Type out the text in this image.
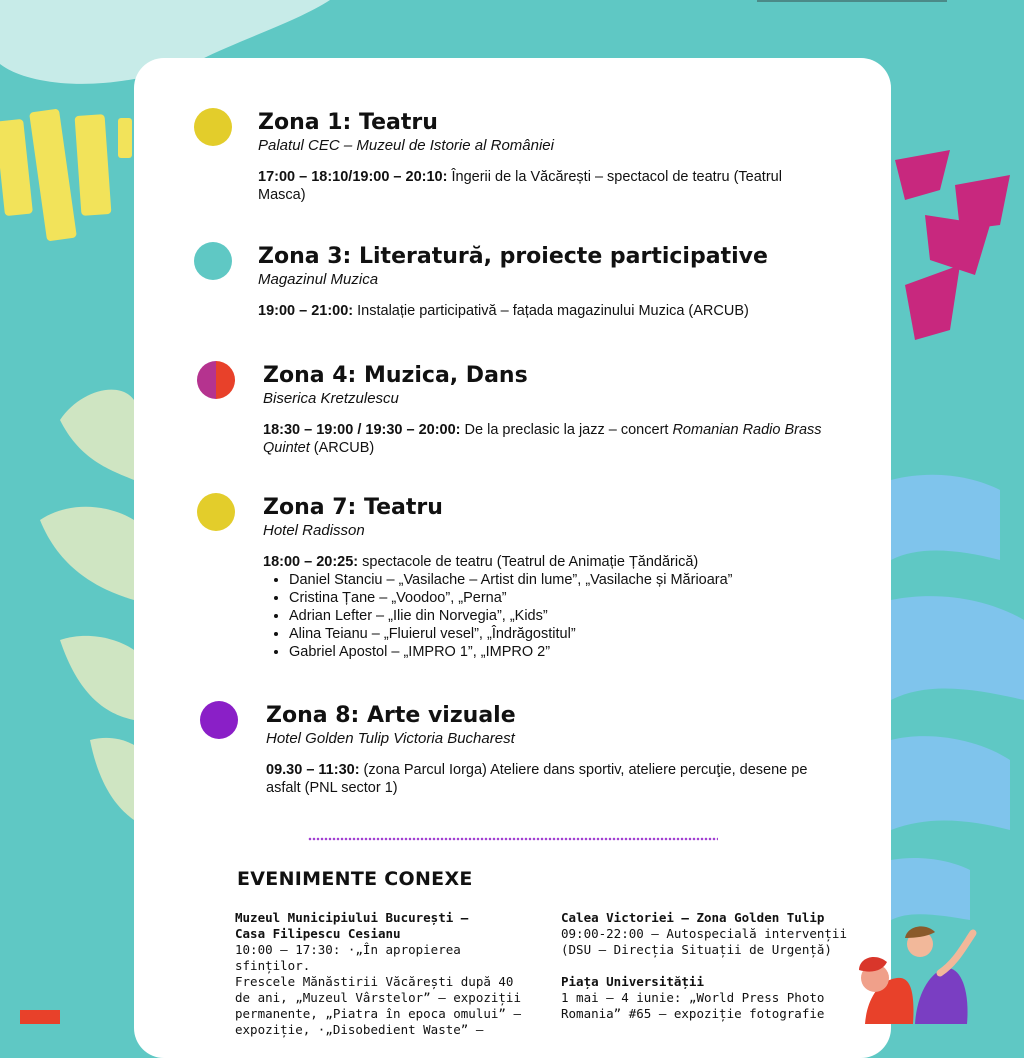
Zona 1: Teatru
Palatul CEC – Muzeul de Istorie al României
17:00 – 18:10/19:00 – 20:10: Îngerii de la Văcărești – spectacol de teatru (Teatrul Masca)
Zona 3: Literatură, proiecte participative
Magazinul Muzica
19:00 – 21:00: Instalație participativă – fațada magazinului Muzica (ARCUB)
Zona 4: Muzica, Dans
Biserica Kretzulescu
18:30 – 19:00 / 19:30 – 20:00: De la preclasic la jazz – concert Romanian Radio Brass Quintet (ARCUB)
Zona 7: Teatru
Hotel Radisson
18:00 – 20:25: spectacole de teatru (Teatrul de Animație Țăndărică)
• Daniel Stanciu – „Vasilache – Artist din lume”, „Vasilache și Mărioara”
• Cristina Țane – „Voodoo”, „Perna”
• Adrian Lefter – „Ilie din Norvegia”, „Kids”
• Alina Teianu – „Fluierul vesel”, „Îndrăgostitul”
• Gabriel Apostol – „IMPRO 1”, „IMPRO 2”
Zona 8: Arte vizuale
Hotel Golden Tulip Victoria Bucharest
09.30 – 11:30: (zona Parcul Iorga) Ateliere dans sportiv, ateliere percuţie, desene pe asfalt (PNL sector 1)
EVENIMENTE CONEXE
Muzeul Municipiului București –
Casa Filipescu Cesianu
10:00 – 17:30: ·„În apropierea sfinților.
Frescele Mănăstirii Văcărești după 40
de ani, „Muzeul Vârstelor” – expoziții
permanente, „Piatra în epoca omului” –
expoziție, ·„Disobedient Waste” –
Calea Victoriei – Zona Golden Tulip
09:00-22:00 – Autospecială intervenții
(DSU – Direcția Situații de Urgență)
Piața Universității
1 mai – 4 iunie: „World Press Photo
Romania” #65 – expoziție fotografie
